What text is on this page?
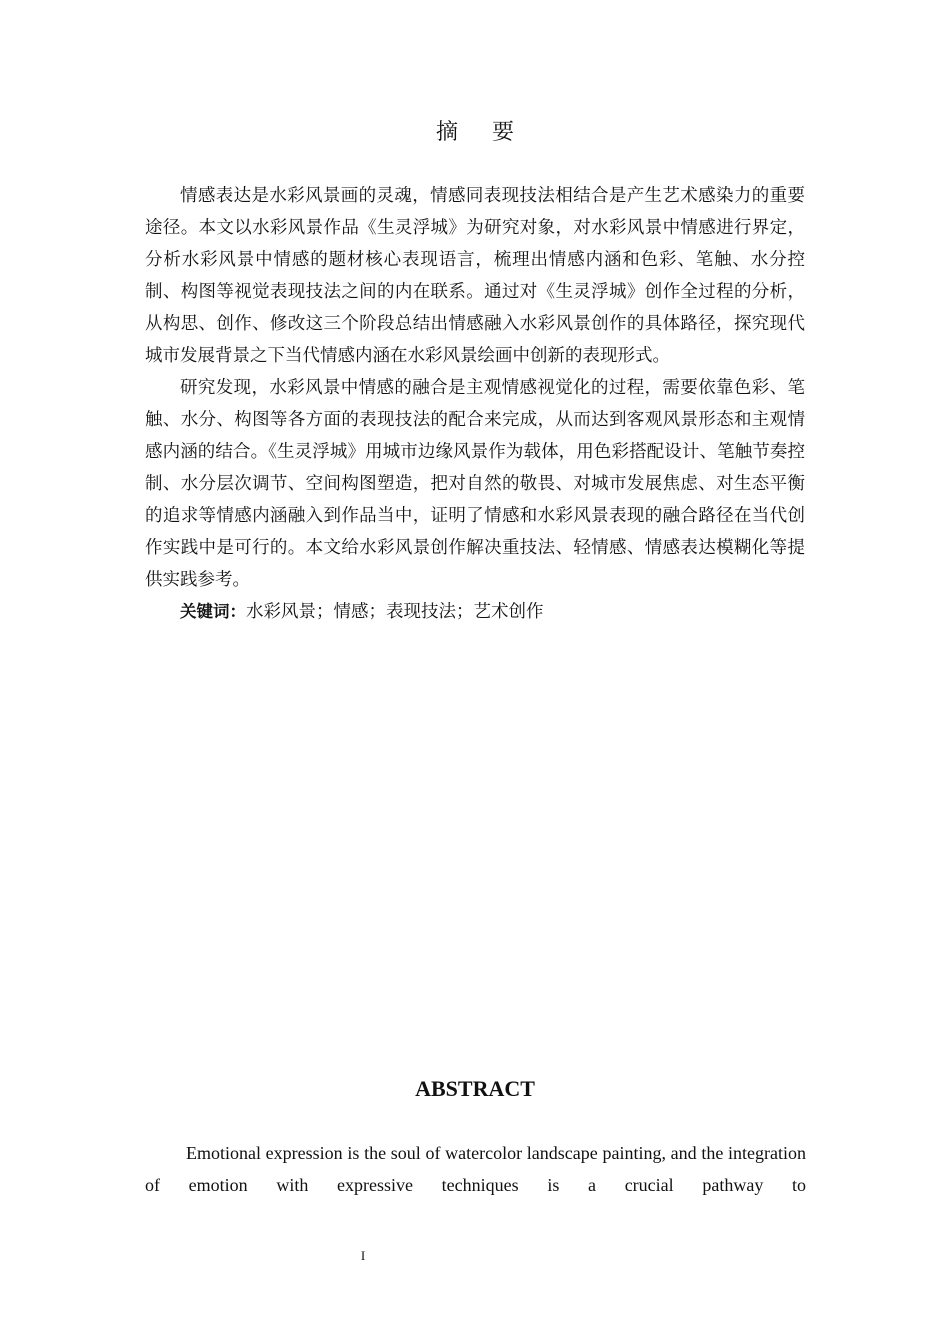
摘要

情感表达是水彩风景画的灵魂，情感同表现技法相结合是产生艺术感染力的重要途径。本文以水彩风景作品《生灵浮城》为研究对象，对水彩风景中情感进行界定，分析水彩风景中情感的题材核心表现语言，梳理出情感内涵和色彩、笔触、水分控制、构图等视觉表现技法之间的内在联系。通过对《生灵浮城》创作全过程的分析，从构思、创作、修改这三个阶段总结出情感融入水彩风景创作的具体路径，探究现代城市发展背景之下当代情感内涵在水彩风景绘画中创新的表现形式。

研究发现，水彩风景中情感的融合是主观情感视觉化的过程，需要依靠色彩、笔触、水分、构图等各方面的表现技法的配合来完成，从而达到客观风景形态和主观情感内涵的结合。《生灵浮城》用城市边缘风景作为载体，用色彩搭配设计、笔触节奏控制、水分层次调节、空间构图塑造，把对自然的敬畏、对城市发展焦虑、对生态平衡的追求等情感内涵融入到作品当中，证明了情感和水彩风景表现的融合路径在当代创作实践中是可行的。本文给水彩风景创作解决重技法、轻情感、情感表达模糊化等提供实践参考。

关键词：水彩风景；情感；表现技法；艺术创作

ABSTRACT

Emotional expression is the soul of watercolor landscape painting, and the integration of emotion with expressive techniques is a crucial pathway to

I
